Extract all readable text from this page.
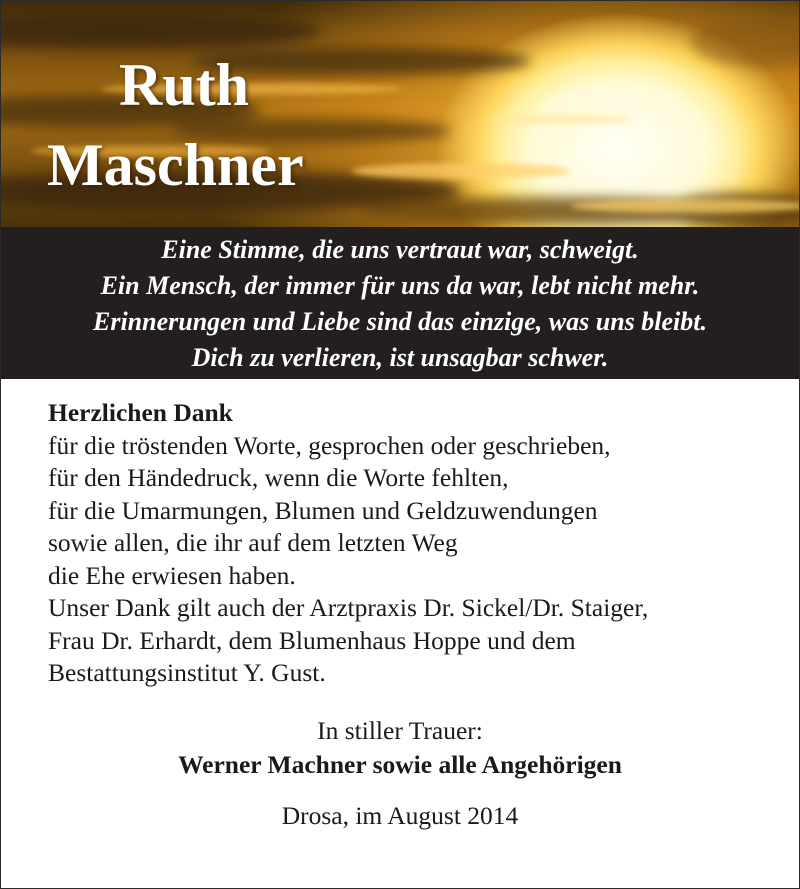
Ruth
Maschner
Eine Stimme, die uns vertraut war, schweigt.
Ein Mensch, der immer für uns da war, lebt nicht mehr.
Erinnerungen und Liebe sind das einzige, was uns bleibt.
Dich zu verlieren, ist unsagbar schwer.
Herzlichen Dank
für die tröstenden Worte, gesprochen oder geschrieben,
für den Händedruck, wenn die Worte fehlten,
für die Umarmungen, Blumen und Geldzuwendungen
sowie allen, die ihr auf dem letzten Weg
die Ehe erwiesen haben.
Unser Dank gilt auch der Arztpraxis Dr. Sickel/Dr. Staiger,
Frau Dr. Erhardt, dem Blumenhaus Hoppe und dem
Bestattungsinstitut Y. Gust.
In stiller Trauer:
Werner Machner sowie alle Angehörigen
Drosa, im August 2014
